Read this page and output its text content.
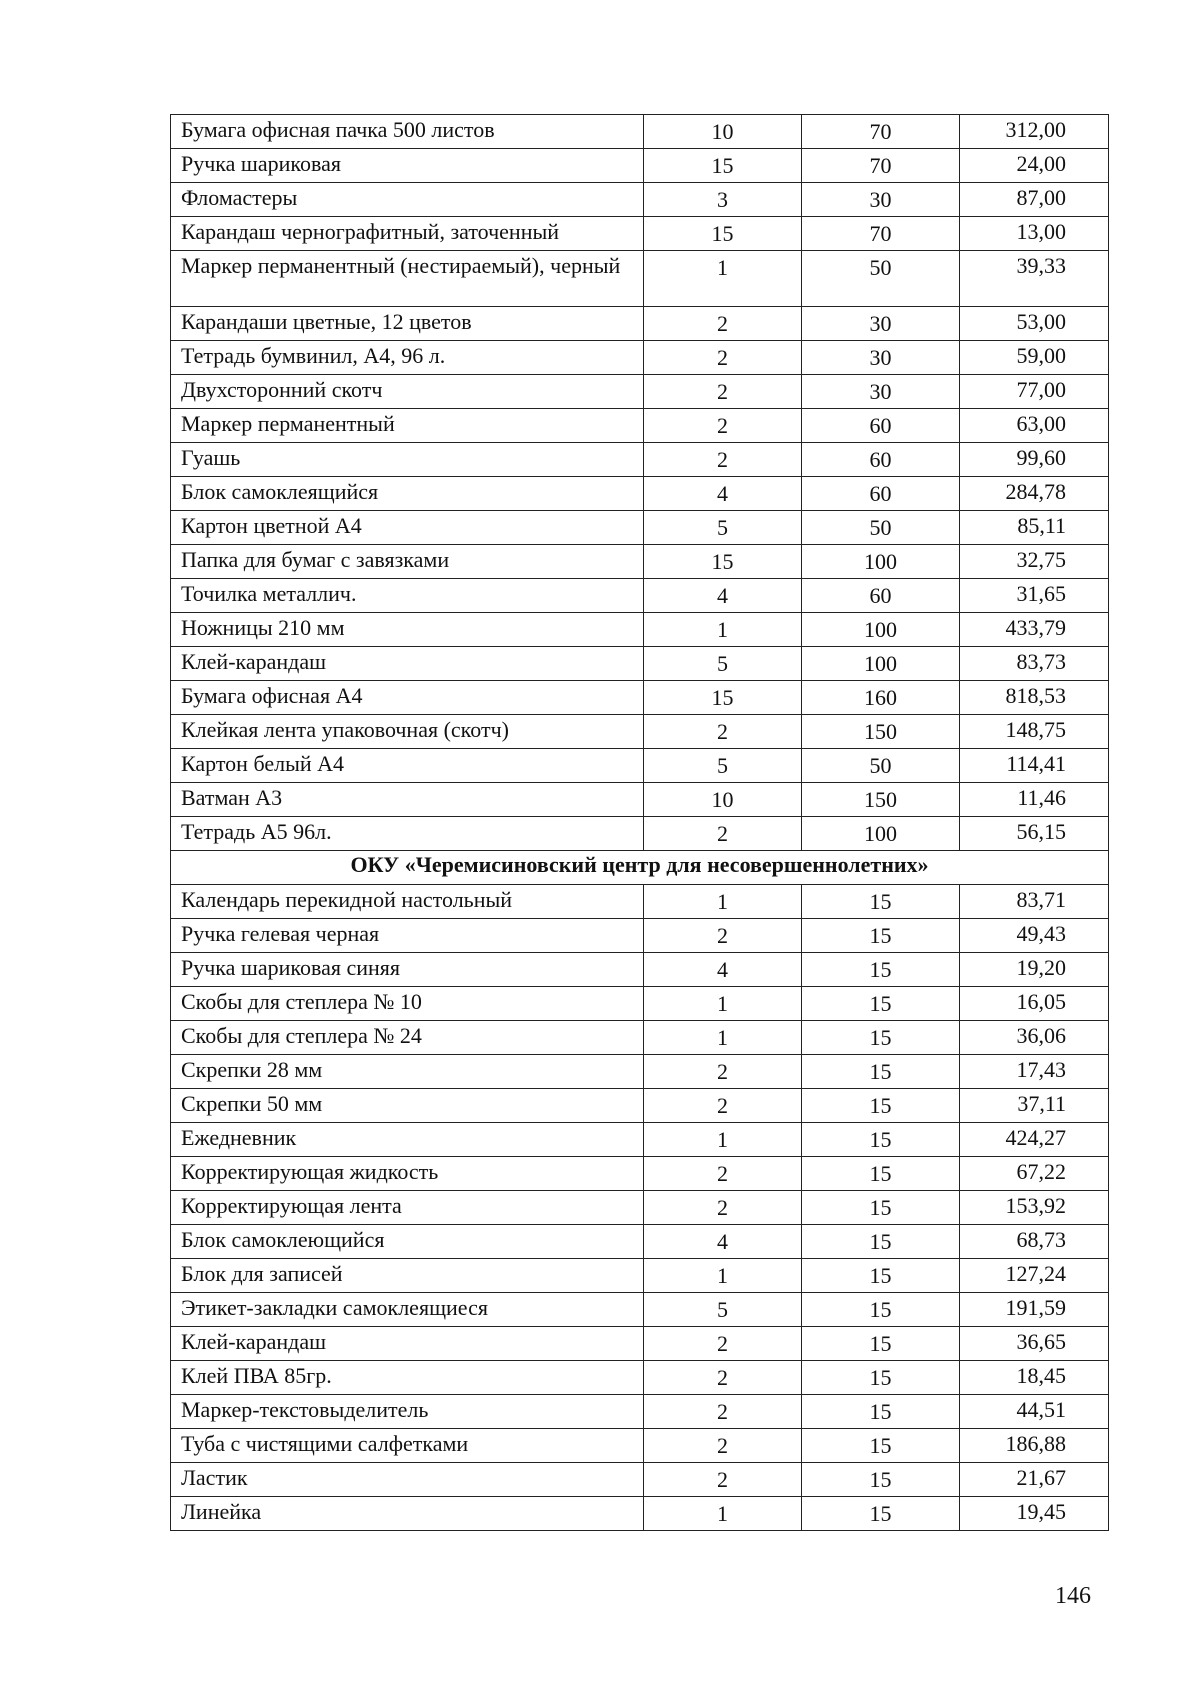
Бумага офисная пачка 500 листов	10	70	312,00
Ручка шариковая	15	70	24,00
Фломастеры	3	30	87,00
Карандаш чернографитный, заточенный	15	70	13,00
Маркер перманентный (нестираемый), черный	1	50	39,33
Карандаши цветные, 12 цветов	2	30	53,00
Тетрадь бумвинил, А4, 96 л.	2	30	59,00
Двухсторонний скотч	2	30	77,00
Маркер перманентный	2	60	63,00
Гуашь	2	60	99,60
Блок самоклеящийся	4	60	284,78
Картон цветной А4	5	50	85,11
Папка для бумаг с завязками	15	100	32,75
Точилка металлич.	4	60	31,65
Ножницы 210 мм	1	100	433,79
Клей-карандаш	5	100	83,73
Бумага офисная А4	15	160	818,53
Клейкая лента упаковочная (скотч)	2	150	148,75
Картон белый А4	5	50	114,41
Ватман А3	10	150	11,46
Тетрадь А5 96л.	2	100	56,15
ОКУ «Черемисиновский центр для несовершеннолетних»			
Календарь перекидной настольный	1	15	83,71
Ручка гелевая черная	2	15	49,43
Ручка шариковая синяя	4	15	19,20
Скобы для степлера № 10	1	15	16,05
Скобы для степлера № 24	1	15	36,06
Скрепки 28 мм	2	15	17,43
Скрепки 50 мм	2	15	37,11
Ежедневник	1	15	424,27
Корректирующая жидкость	2	15	67,22
Корректирующая лента	2	15	153,92
Блок самоклеющийся	4	15	68,73
Блок для записей	1	15	127,24
Этикет-закладки самоклеящиеся	5	15	191,59
Клей-карандаш	2	15	36,65
Клей ПВА 85гр.	2	15	18,45
Маркер-текстовыделитель	2	15	44,51
Туба с чистящими салфетками	2	15	186,88
Ластик	2	15	21,67
Линейка	1	15	19,45
146
